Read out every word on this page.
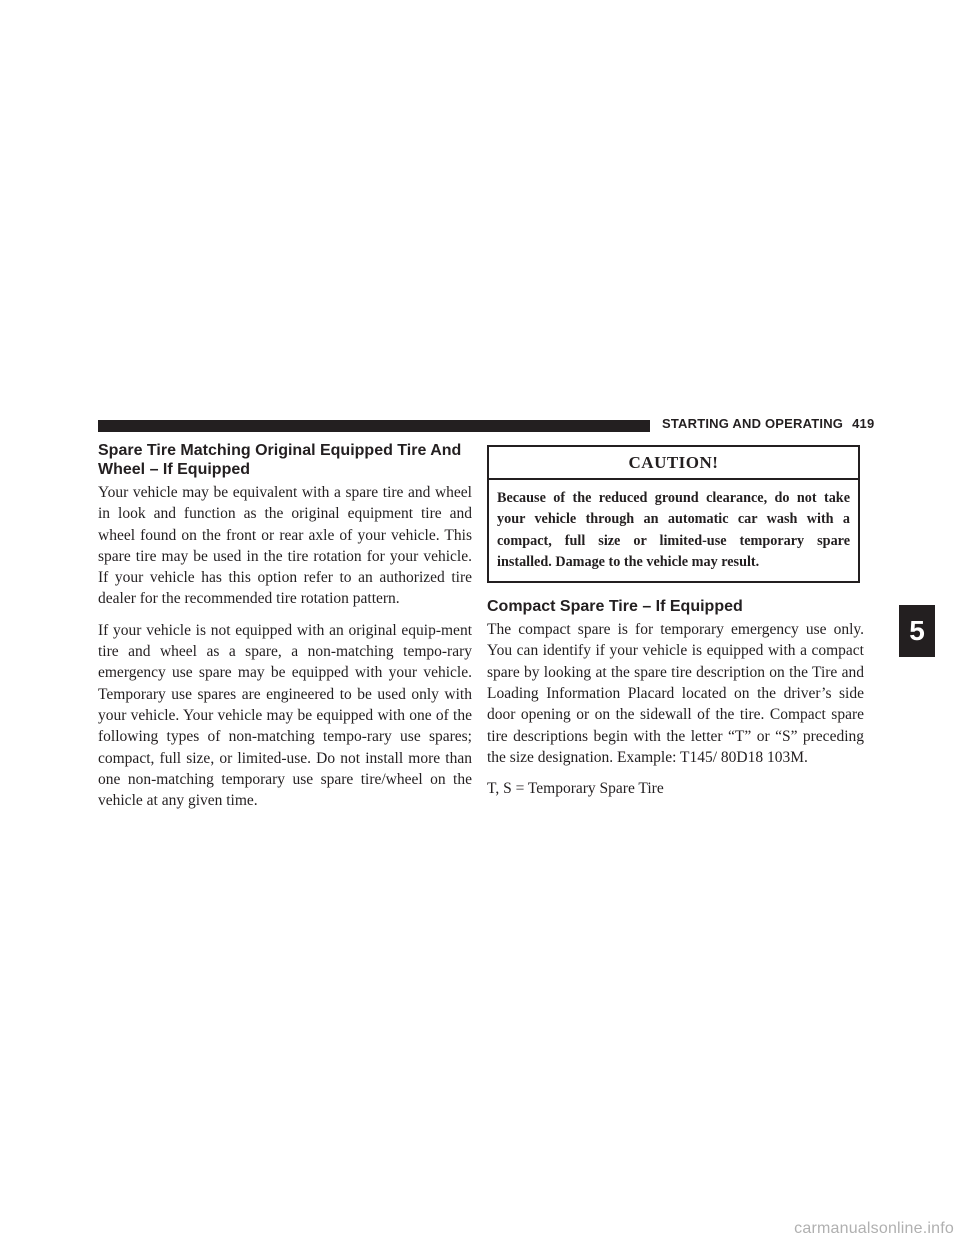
STARTING AND OPERATING 419
Spare Tire Matching Original Equipped Tire And Wheel – If Equipped

Your vehicle may be equivalent with a spare tire and wheel in look and function as the original equipment tire and wheel found on the front or rear axle of your vehicle. This spare tire may be used in the tire rotation for your vehicle. If your vehicle has this option refer to an authorized tire dealer for the recommended tire rotation pattern.

If your vehicle is not equipped with an original equip-ment tire and wheel as a spare, a non-matching tempo-rary emergency use spare may be equipped with your vehicle. Temporary use spares are engineered to be used only with your vehicle. Your vehicle may be equipped with one of the following types of non-matching tempo-rary use spares; compact, full size, or limited-use. Do not install more than one non-matching temporary use spare tire/wheel on the vehicle at any given time.

CAUTION!
Because of the reduced ground clearance, do not take your vehicle through an automatic car wash with a compact, full size or limited-use temporary spare installed. Damage to the vehicle may result.
Compact Spare Tire – If Equipped

The compact spare is for temporary emergency use only. You can identify if your vehicle is equipped with a compact spare by looking at the spare tire description on the Tire and Loading Information Placard located on the driver’s side door opening or on the sidewall of the tire. Compact spare tire descriptions begin with the letter “T” or “S” preceding the size designation. Example: T145/ 80D18 103M.

T, S = Temporary Spare Tire

5
carmanualsonline.info
